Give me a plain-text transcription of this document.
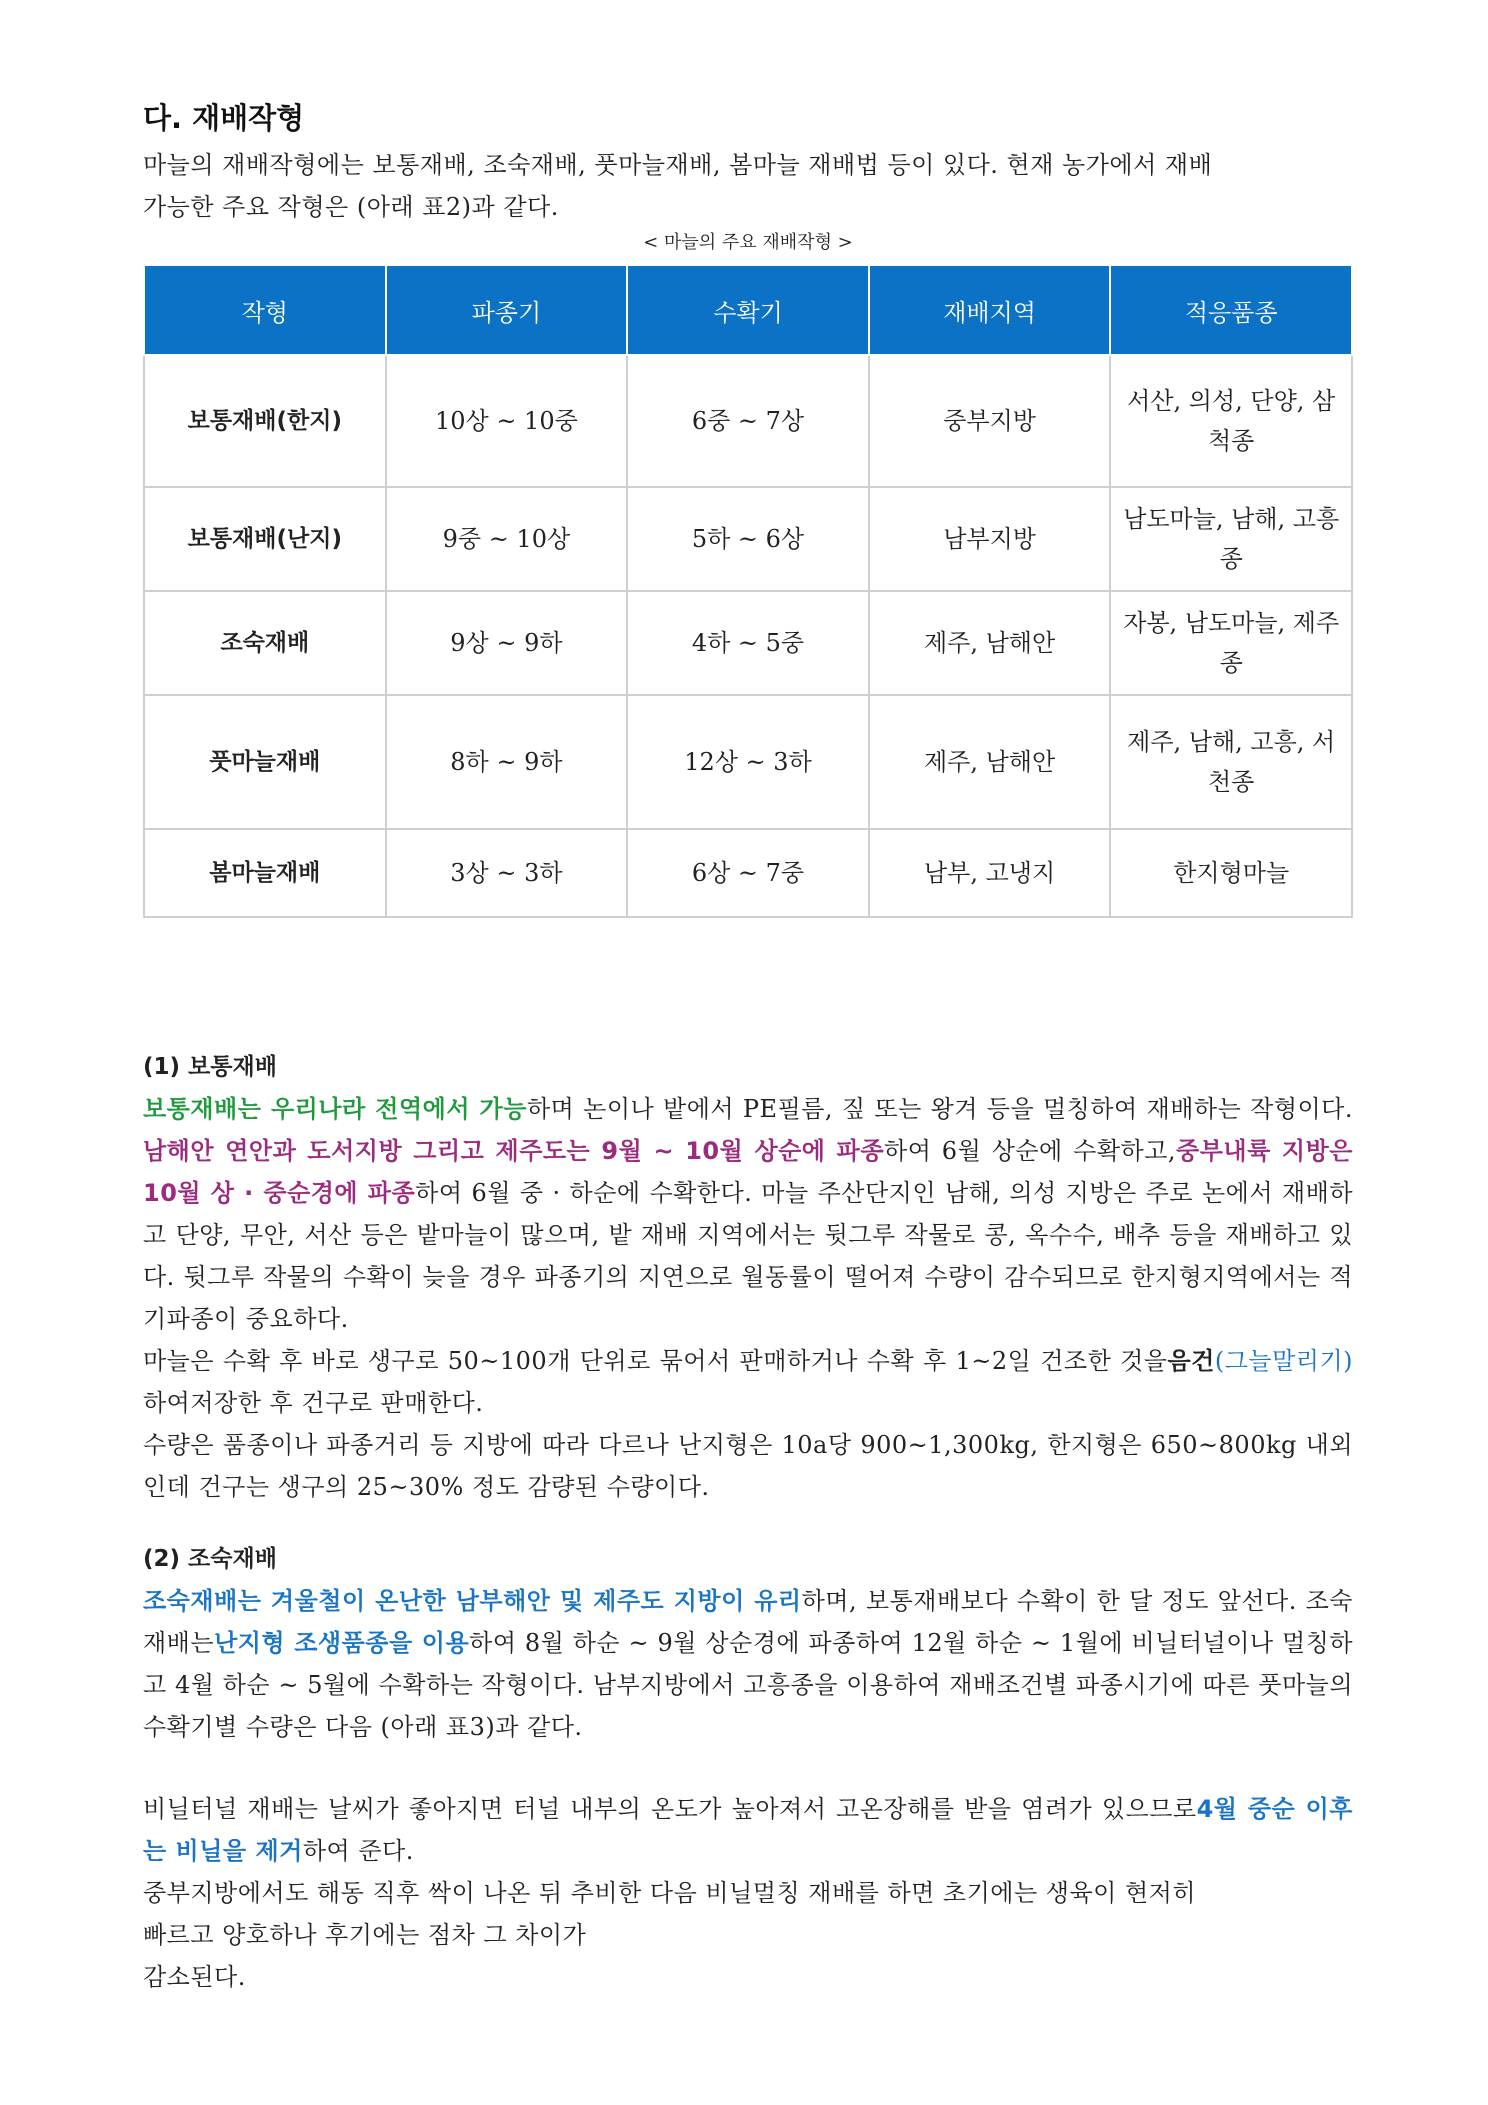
다. 재배작형

마늘의 재배작형에는 보통재배, 조숙재배, 풋마늘재배, 봄마늘 재배법 등이 있다. 현재 농가에서 재배

가능한 주요 작형은 (아래 표2)과 같다.

< 마늘의 주요 재배작형 >
작형	파종기	수확기	재배지역	적응품종
보통재배(한지)	10상 ~ 10중	6중 ~ 7상	중부지방	서산, 의성, 단양, 삼척종
보통재배(난지)	9중 ~ 10상	5하 ~ 6상	남부지방	남도마늘, 남해, 고흥종
조숙재배	9상 ~ 9하	4하 ~ 5중	제주, 남해안	자봉, 남도마늘, 제주종
풋마늘재배	8하 ~ 9하	12상 ~ 3하	제주, 남해안	제주, 남해, 고흥, 서천종
봄마늘재배	3상 ~ 3하	6상 ~ 7중	남부, 고냉지	한지형마늘
(1) 보통재배

보통재배는 우리나라 전역에서 가능하며 논이나 밭에서 PE필름, 짚 또는 왕겨 등을 멀칭하여 재배하는 작형이다.남해안 연안과 도서지방 그리고 제주도는 9월 ~ 10월 상순에 파종하여 6월 상순에 수확하고,중부내륙 지방은 10월 상 · 중순경에 파종하여 6월 중 · 하순에 수확한다. 마늘 주산단지인 남해, 의성 지방은 주로 논에서 재배하고 단양, 무안, 서산 등은 밭마늘이 많으며, 밭 재배 지역에서는 뒷그루 작물로 콩, 옥수수, 배추 등을 재배하고 있다. 뒷그루 작물의 수확이 늦을 경우 파종기의 지연으로 월동률이 떨어져 수량이 감수되므로 한지형지역에서는 적기파종이 중요하다.

마늘은 수확 후 바로 생구로 50~100개 단위로 묶어서 판매하거나 수확 후 1~2일 건조한 것을음건(그늘말리기)하여저장한 후 건구로 판매한다.

수량은 품종이나 파종거리 등 지방에 따라 다르나 난지형은 10a당 900~1,300kg, 한지형은 650~800kg 내외인데 건구는 생구의 25~30% 정도 감량된 수량이다.

(2) 조숙재배

조숙재배는 겨울철이 온난한 남부해안 및 제주도 지방이 유리하며, 보통재배보다 수확이 한 달 정도 앞선다. 조숙재배는난지형 조생품종을 이용하여 8월 하순 ~ 9월 상순경에 파종하여 12월 하순 ~ 1월에 비닐터널이나 멀칭하고 4월 하순 ~ 5월에 수확하는 작형이다. 남부지방에서 고흥종을 이용하여 재배조건별 파종시기에 따른 풋마늘의 수확기별 수량은 다음 (아래 표3)과 같다.

비닐터널 재배는 날씨가 좋아지면 터널 내부의 온도가 높아져서 고온장해를 받을 염려가 있으므로4월 중순 이후는 비닐을 제거하여 준다.

중부지방에서도 해동 직후 싹이 나온 뒤 추비한 다음 비닐멀칭 재배를 하면 초기에는 생육이 현저히

빠르고 양호하나 후기에는 점차 그 차이가

감소된다.
